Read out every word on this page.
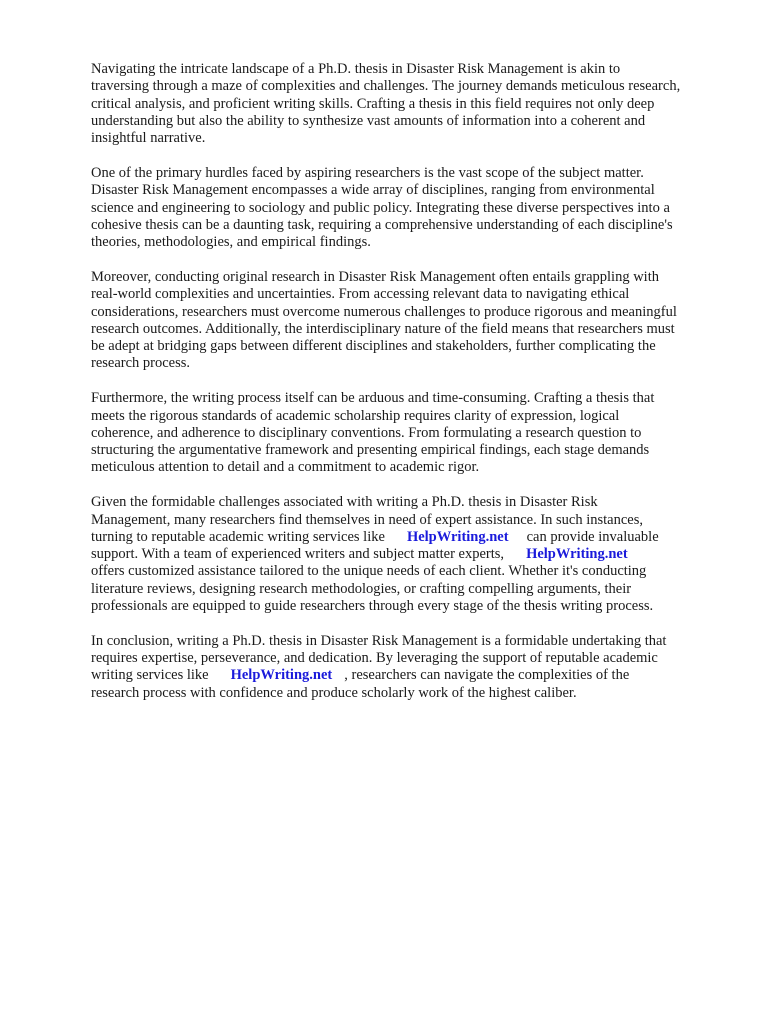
Navigating the intricate landscape of a Ph.D. thesis in Disaster Risk Management is akin to
traversing through a maze of complexities and challenges. The journey demands meticulous research,
critical analysis, and proficient writing skills. Crafting a thesis in this field requires not only deep
understanding but also the ability to synthesize vast amounts of information into a coherent and
insightful narrative.

One of the primary hurdles faced by aspiring researchers is the vast scope of the subject matter.
Disaster Risk Management encompasses a wide array of disciplines, ranging from environmental
science and engineering to sociology and public policy. Integrating these diverse perspectives into a
cohesive thesis can be a daunting task, requiring a comprehensive understanding of each discipline's
theories, methodologies, and empirical findings.

Moreover, conducting original research in Disaster Risk Management often entails grappling with
real-world complexities and uncertainties. From accessing relevant data to navigating ethical
considerations, researchers must overcome numerous challenges to produce rigorous and meaningful
research outcomes. Additionally, the interdisciplinary nature of the field means that researchers must
be adept at bridging gaps between different disciplines and stakeholders, further complicating the
research process.

Furthermore, the writing process itself can be arduous and time-consuming. Crafting a thesis that
meets the rigorous standards of academic scholarship requires clarity of expression, logical
coherence, and adherence to disciplinary conventions. From formulating a research question to
structuring the argumentative framework and presenting empirical findings, each stage demands
meticulous attention to detail and a commitment to academic rigor.

Given the formidable challenges associated with writing a Ph.D. thesis in Disaster Risk
Management, many researchers find themselves in need of expert assistance. In such instances,
turning to reputable academic writing services like HelpWriting.net can provide invaluable
support. With a team of experienced writers and subject matter experts, HelpWriting.net
offers customized assistance tailored to the unique needs of each client. Whether it's conducting
literature reviews, designing research methodologies, or crafting compelling arguments, their
professionals are equipped to guide researchers through every stage of the thesis writing process.

In conclusion, writing a Ph.D. thesis in Disaster Risk Management is a formidable undertaking that
requires expertise, perseverance, and dedication. By leveraging the support of reputable academic
writing services like HelpWriting.net , researchers can navigate the complexities of the
research process with confidence and produce scholarly work of the highest caliber.
